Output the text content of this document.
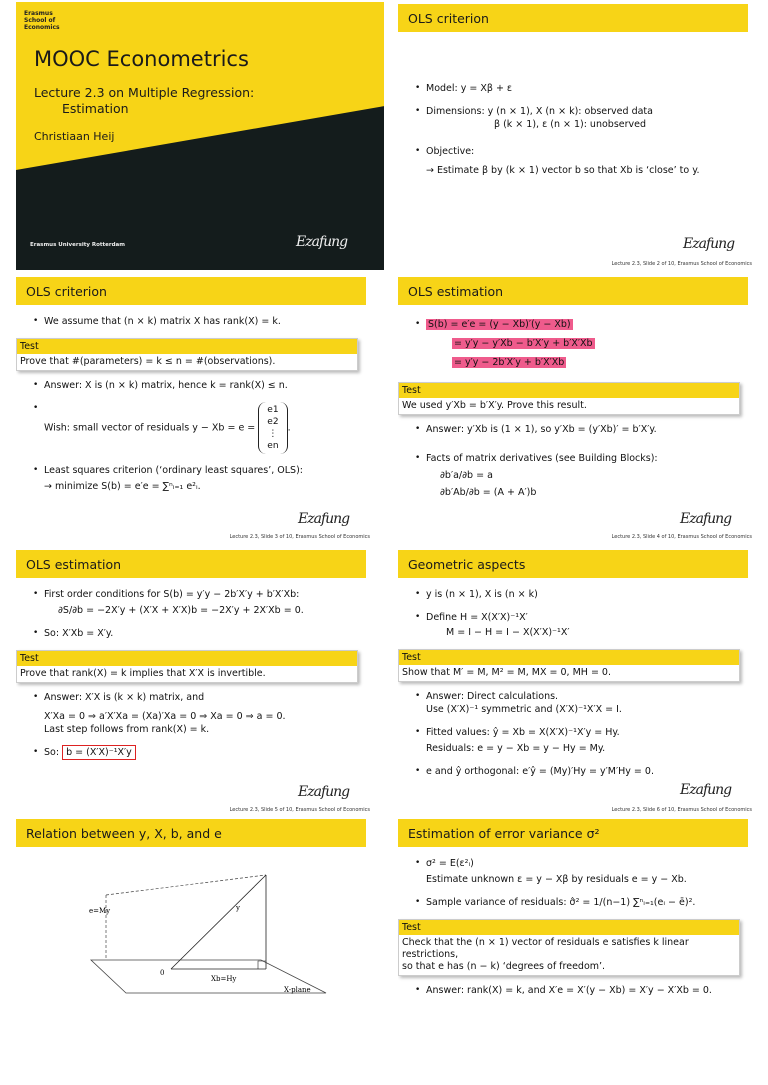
Erasmus
School of
Economics
MOOC Econometrics
Lecture 2.3 on Multiple Regression:
Estimation
Christiaan Heij
Erasmus University Rotterdam	Ezafung
OLS criterion
• Model: y = Xβ + ε
• Dimensions: y (n × 1), X (n × k): observed data
β (k × 1), ε (n × 1): unobserved
• Objective:
→ Estimate β by (k × 1) vector b so that Xb is ‘close’ to y.
Ezafung
Lecture 2.3, Slide 2 of 10, Erasmus School of Economics
OLS criterion
• We assume that (n × k) matrix X has rank(X) = k.
Test
Prove that #(parameters) = k ≤ n = #(observations).
• Answer: X is (n × k) matrix, hence k = rank(X) ≤ n.
• Wish: small vector of residuals y − Xb = e =
e1
e2
⋮
en
.
• Least squares criterion (‘ordinary least squares’, OLS):
→ minimize S(b) = e′e = ∑ⁿᵢ₌₁ e²ᵢ.
Ezafung
Lecture 2.3, Slide 3 of 10, Erasmus School of Economics
OLS estimation
• S(b) = e′e = (y − Xb)′(y − Xb)
= y′y − y′Xb − b′X′y + b′X′Xb
= y′y − 2b′X′y + b′X′Xb
Test
We used y′Xb = b′X′y. Prove this result.
• Answer: y′Xb is (1 × 1), so y′Xb = (y′Xb)′ = b′X′y.
• Facts of matrix derivatives (see Building Blocks):
∂b′a/∂b = a
∂b′Ab/∂b = (A + A′)b
Ezafung
Lecture 2.3, Slide 4 of 10, Erasmus School of Economics
OLS estimation
• First order conditions for S(b) = y′y − 2b′X′y + b′X′Xb:
∂S/∂b = −2X′y + (X′X + X′X)b = −2X′y + 2X′Xb = 0.
• So: X′Xb = X′y.
Test
Prove that rank(X) = k implies that X′X is invertible.
• Answer: X′X is (k × k) matrix, and
X′Xa = 0 ⇒ a′X′Xa = (Xa)′Xa = 0 ⇒ Xa = 0 ⇒ a = 0.
Last step follows from rank(X) = k.
• So: b = (X′X)⁻¹X′y
Ezafung
Lecture 2.3, Slide 5 of 10, Erasmus School of Economics
Geometric aspects
• y is (n × 1), X is (n × k)
• Define H = X(X′X)⁻¹X′
M = I − H = I − X(X′X)⁻¹X′
Test
Show that M′ = M, M² = M, MX = 0, MH = 0.
• Answer: Direct calculations.
Use (X′X)⁻¹ symmetric and (X′X)⁻¹X′X = I.
• Fitted values: ŷ = Xb = X(X′X)⁻¹X′y = Hy.
Residuals: e = y − Xb = y − Hy = My.
• e and ŷ orthogonal: e′ŷ = (My)′Hy = y′M′Hy = 0.
Ezafung
Lecture 2.3, Slide 6 of 10, Erasmus School of Economics
Relation between y, X, b, and e
e=My	y
Xb=Hy
0
X-plane
Estimation of error variance σ²
• σ² = E(ε²ᵢ)
Estimate unknown ε = y − Xβ by residuals e = y − Xb.
• Sample variance of residuals: σ̂² = 1/(n−1) ∑ⁿᵢ₌₁(eᵢ − ē)².
Test
Check that the (n × 1) vector of residuals e satisfies k linear restrictions,
so that e has (n − k) ‘degrees of freedom’.
• Answer: rank(X) = k, and X′e = X′(y − Xb) = X′y − X′Xb = 0.
